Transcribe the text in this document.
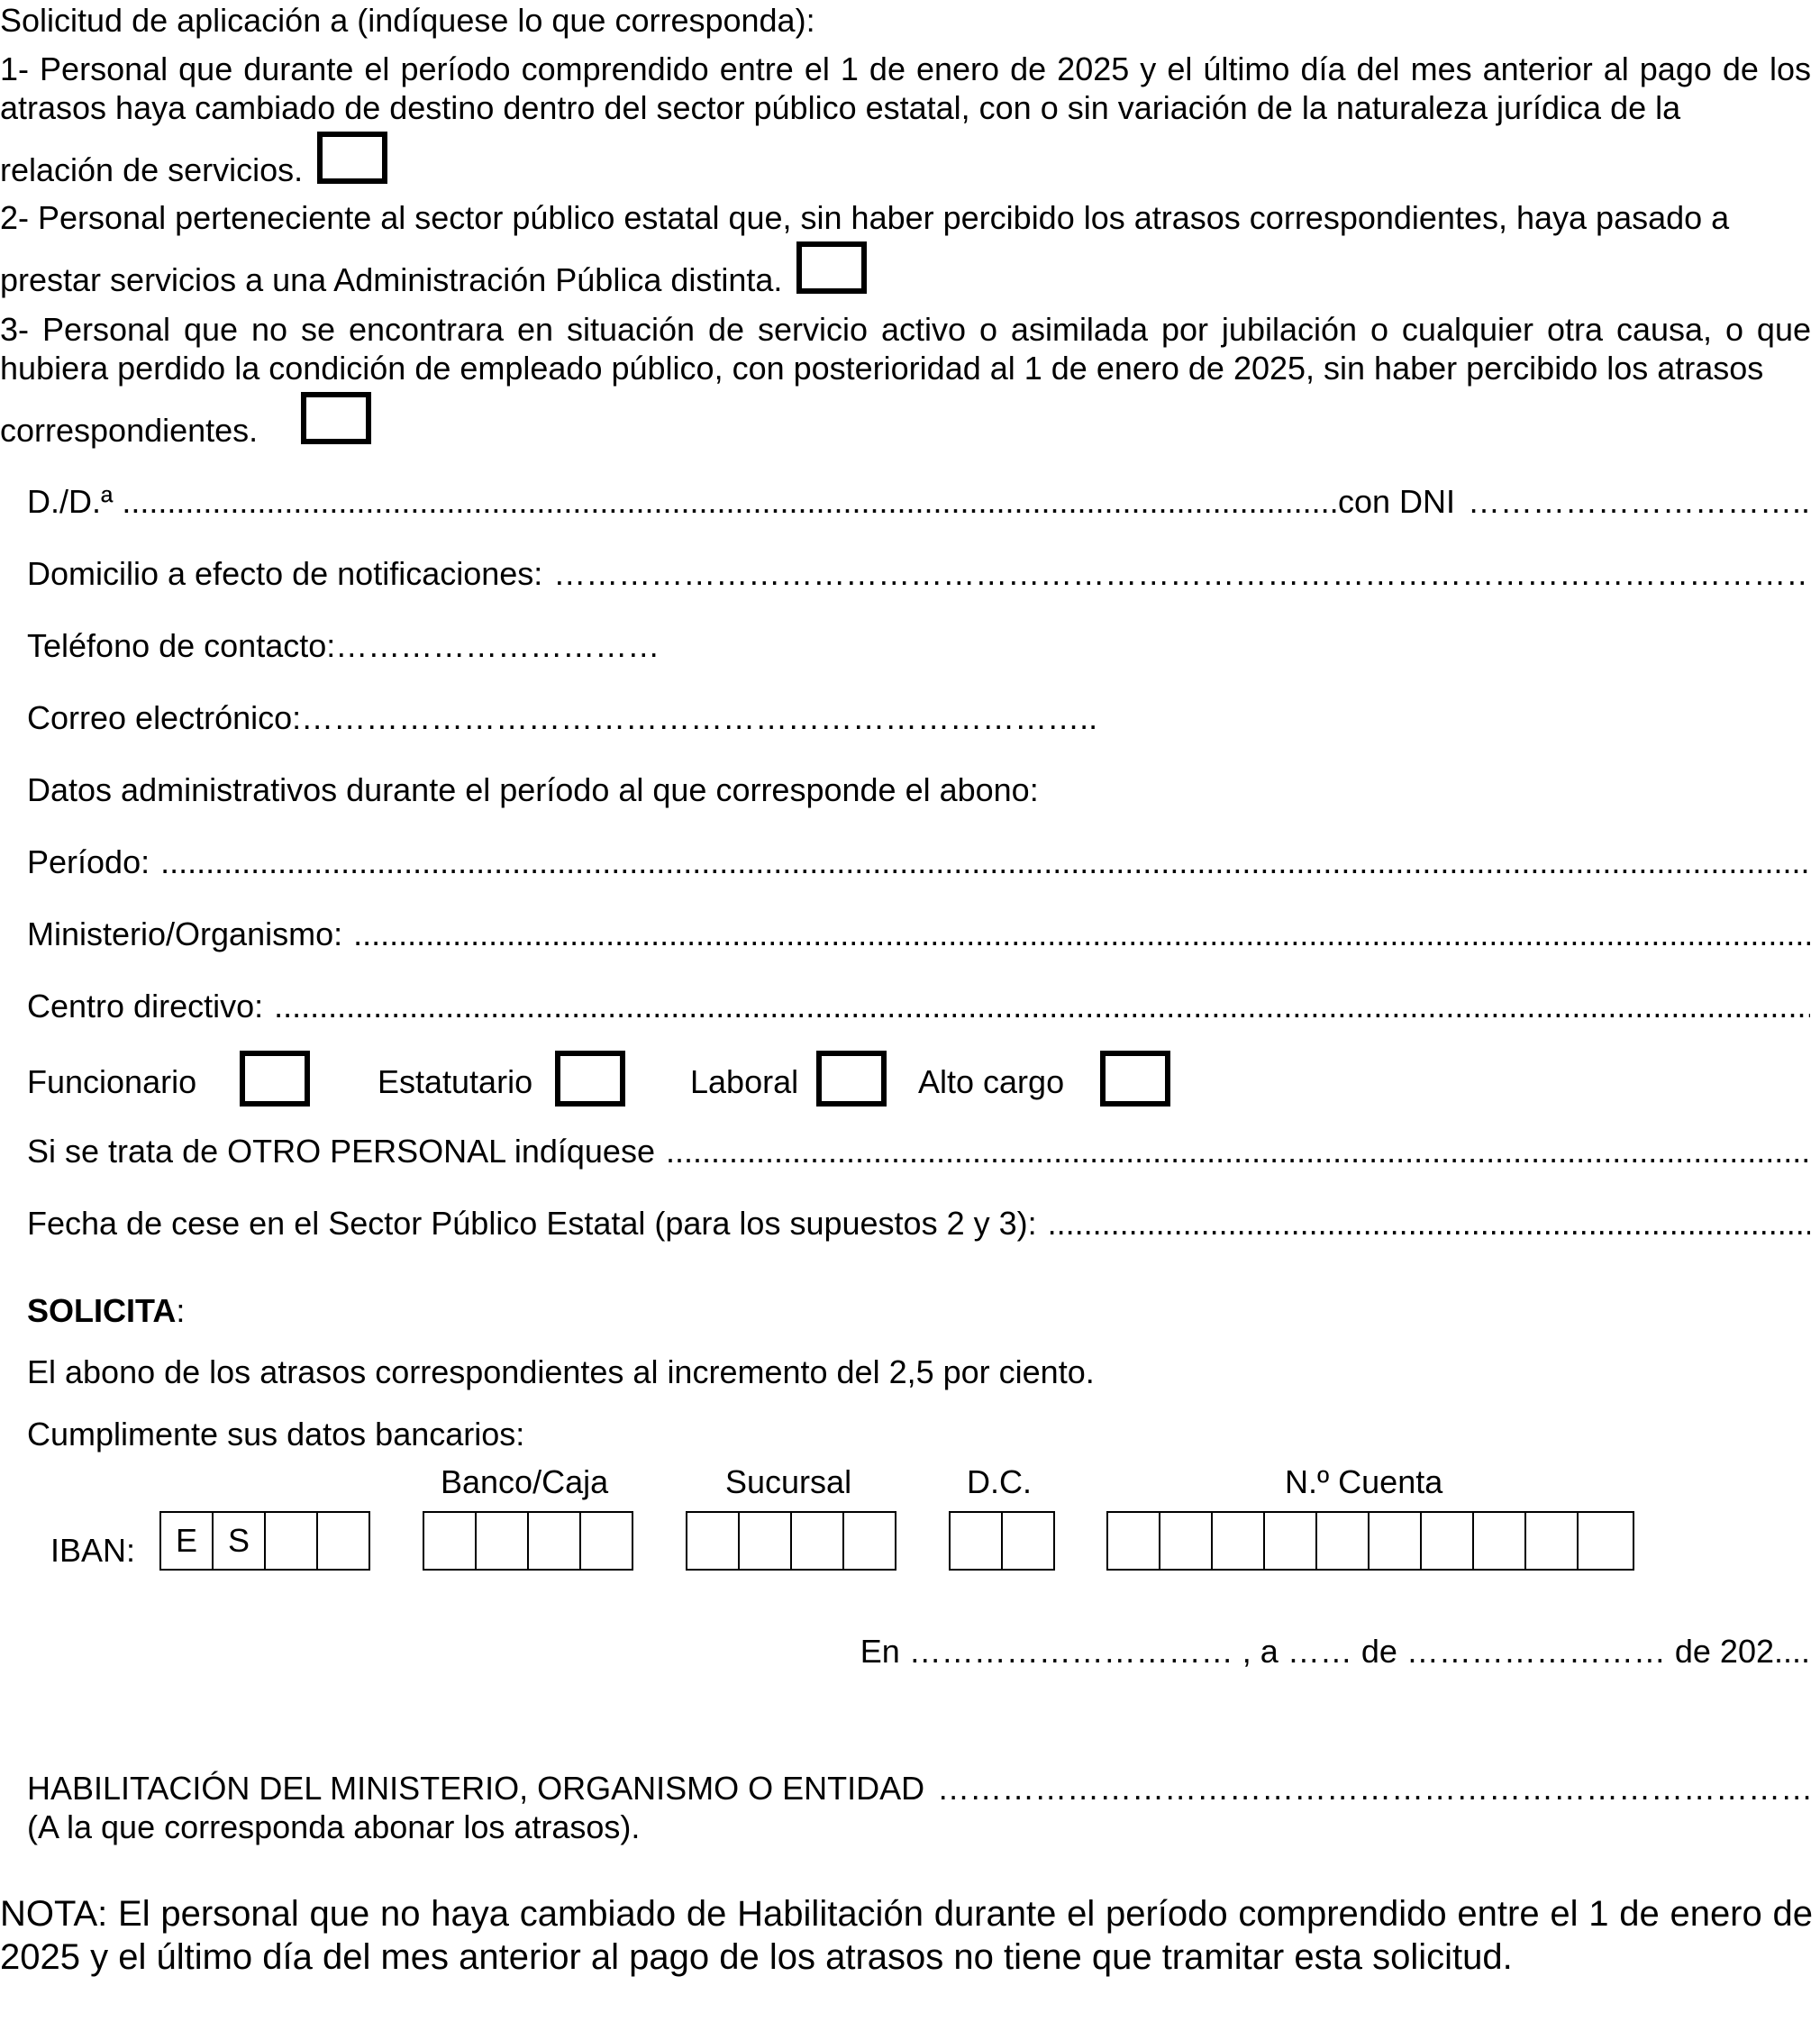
Solicitud de aplicación a (indíquese lo que corresponda):
1- Personal que durante el período comprendido entre el 1 de enero de 2025 y el último día del mes anterior al pago de los atrasos haya cambiado de destino dentro del sector público estatal, con o sin variación de la naturaleza jurídica de la
relación de servicios.
2- Personal perteneciente al sector público estatal que, sin haber percibido los atrasos correspondientes, haya pasado a
prestar servicios a una Administración Pública distinta.
3- Personal que no se encontrara en situación de servicio activo o asimilada por jubilación o cualquier otra causa, o que hubiera perdido la condición de empleado público, con posterioridad al 1 de enero de 2025, sin haber percibido los atrasos
correspondientes.
D./D.ª
.....	con DNI …………………………..
Domicilio a efecto de notificaciones:
………………………………………………………………………………………………………………………………………………………………………………………………………………………………
Teléfono de contacto:…………………………
Correo electrónico:………………………………………………………………..
Datos administrativos durante el período al que corresponde el abono:
Período:
.....
Ministerio/Organismo:
.....
Centro directivo:
.....
Funcionario	Estatutario	Laboral	Alto cargo
Si se trata de OTRO PERSONAL indíquese
.....
Fecha de cese en el Sector Público Estatal (para los supuestos 2 y 3):
.....
SOLICITA:
El abono de los atrasos correspondientes al incremento del 2,5 por ciento.
Cumplimente sus datos bancarios:
Banco/Caja	Sucursal	D.C.	N.º Cuenta
IBAN:	E S
En ………………………… , a …… de …………………… de 202....
HABILITACIÓN DEL MINISTERIO, ORGANISMO O ENTIDAD
………………………………………………………………………………………………………………………………………………………………………………………………………………………………
(A la que corresponda abonar los atrasos).
NOTA: El personal que no haya cambiado de Habilitación durante el período comprendido entre el 1 de enero de 2025 y el último día del mes anterior al pago de los atrasos no tiene que tramitar esta solicitud.
